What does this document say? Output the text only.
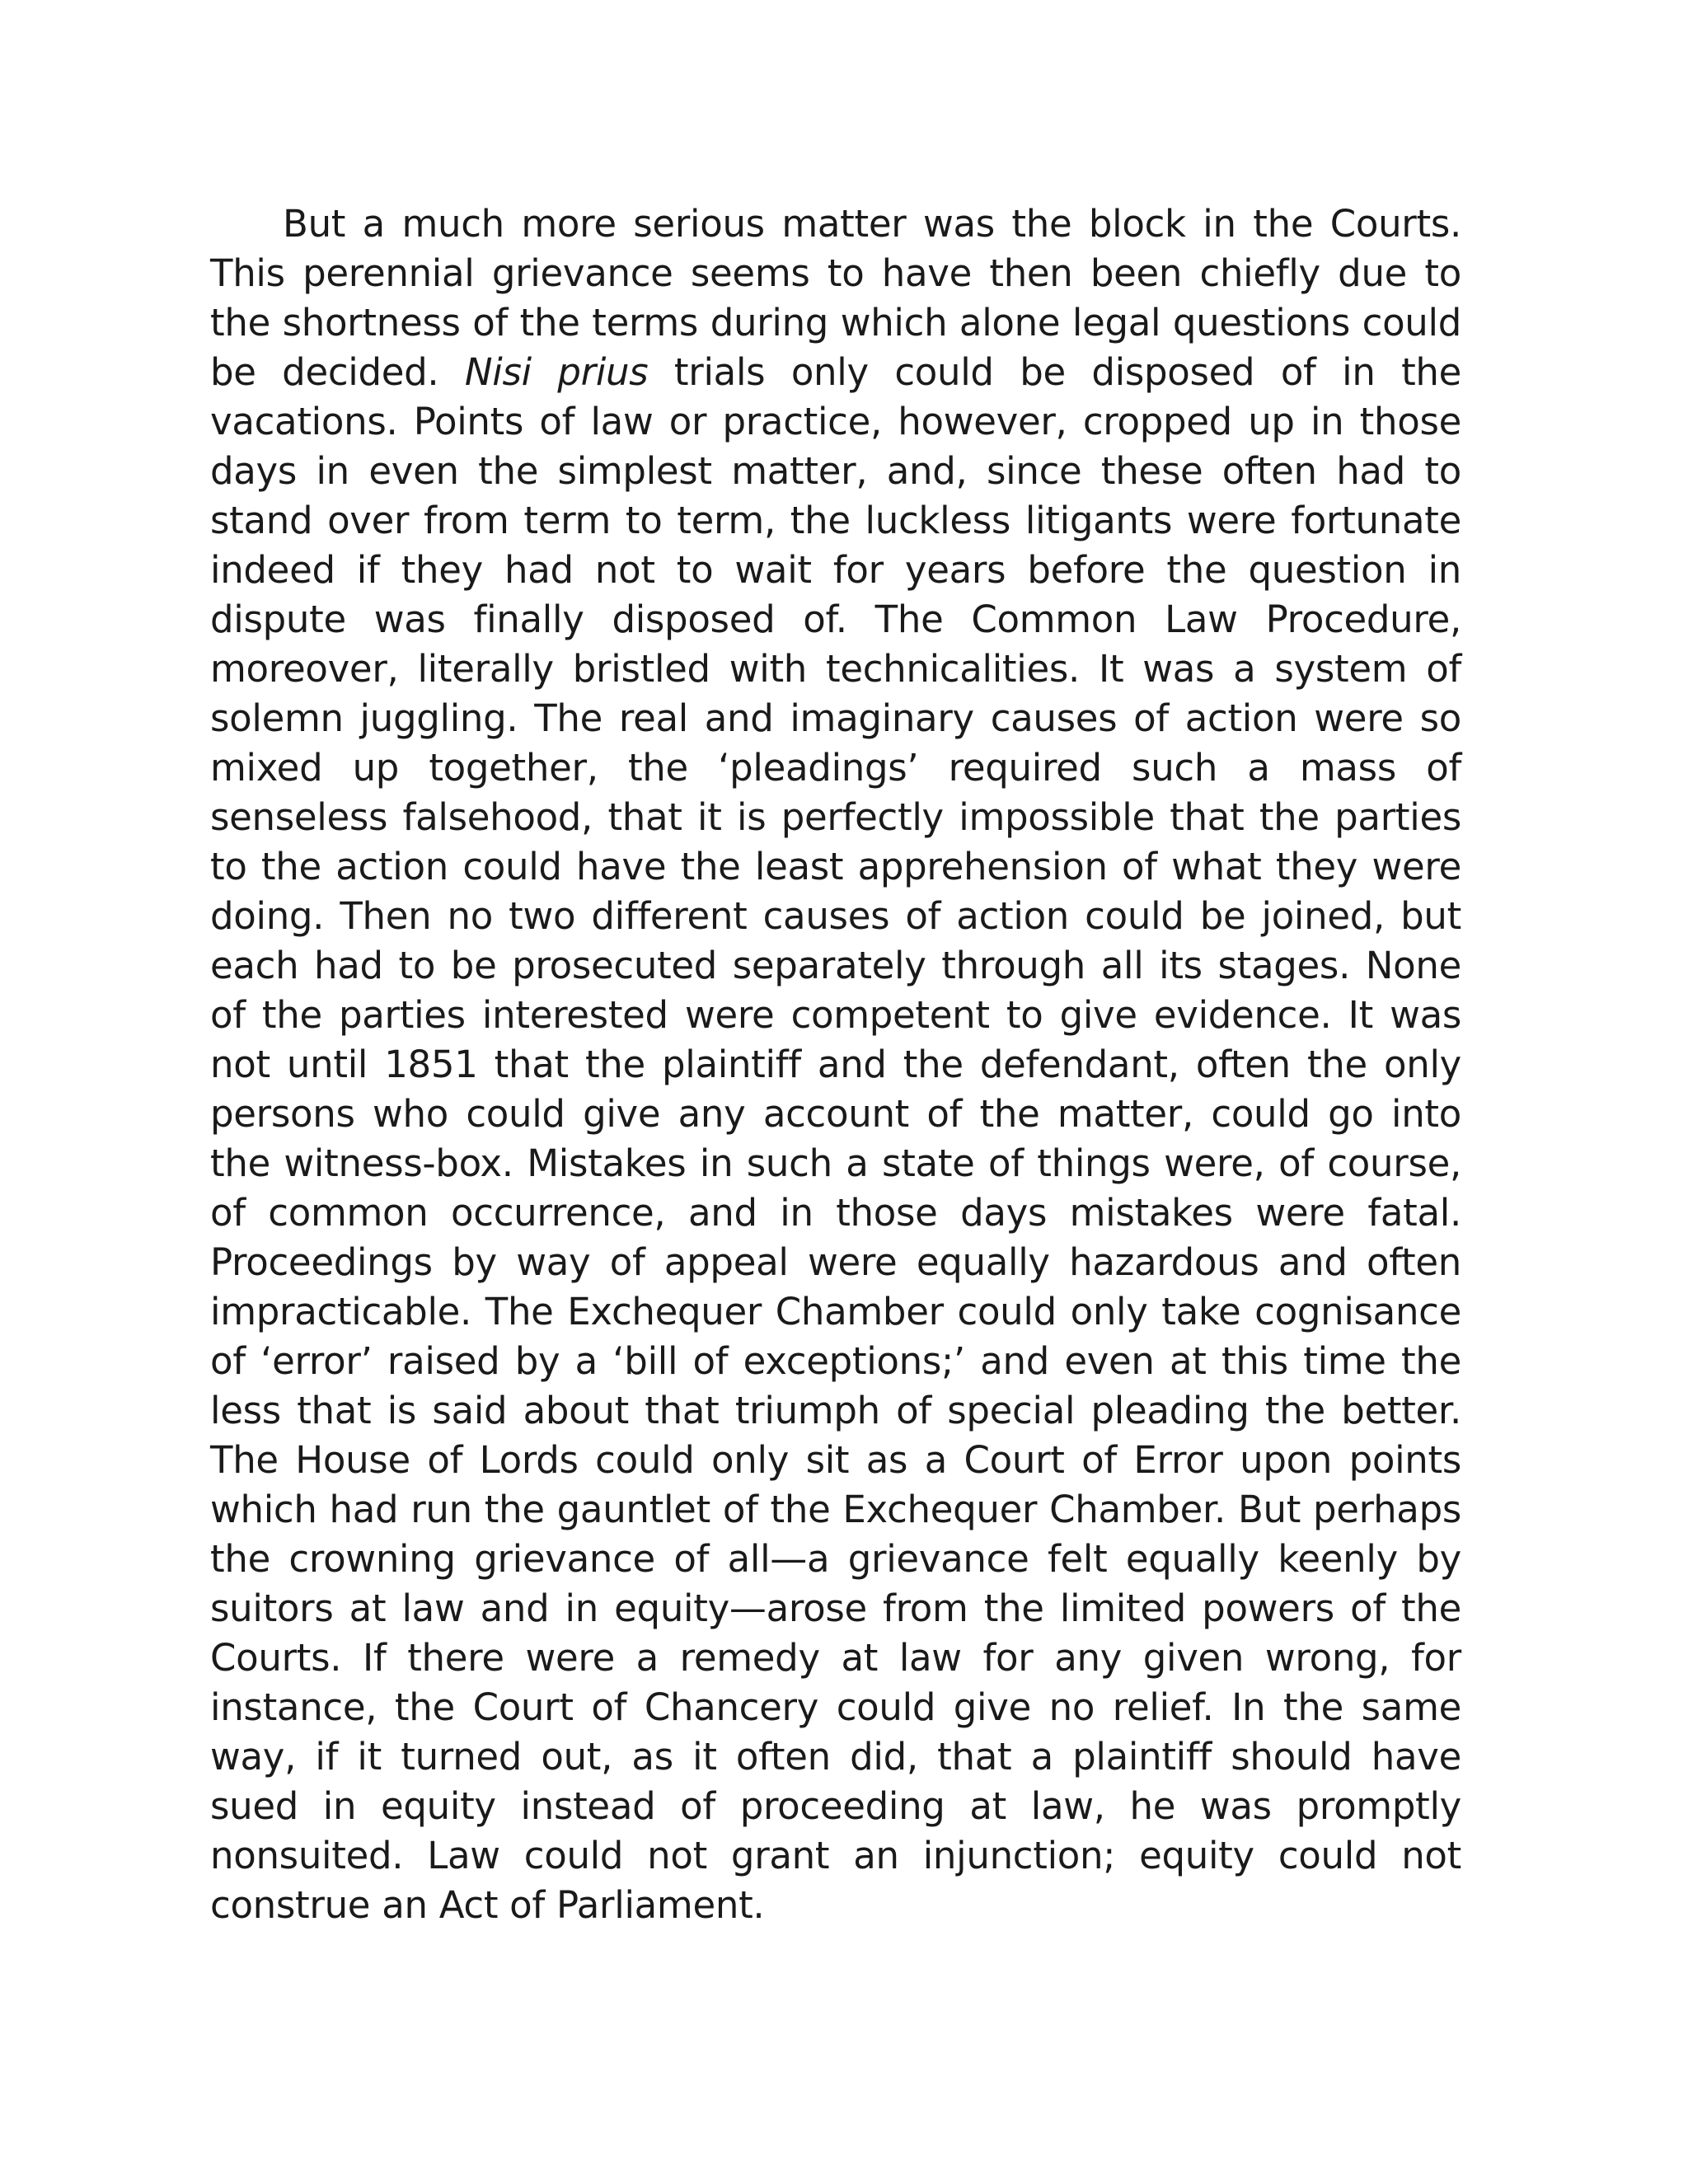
But a much more serious matter was the block in the Courts. This perennial grievance seems to have then been chiefly due to the shortness of the terms during which alone legal questions could be decided. Nisi prius trials only could be disposed of in the vacations. Points of law or practice, however, cropped up in those days in even the simplest matter, and, since these often had to stand over from term to term, the luckless litigants were fortunate indeed if they had not to wait for years before the question in dispute was finally disposed of. The Common Law Procedure, moreover, literally bristled with technicalities. It was a system of solemn juggling. The real and imaginary causes of action were so mixed up together, the ‘pleadings’ required such a mass of senseless falsehood, that it is perfectly impossible that the parties to the action could have the least apprehension of what they were doing. Then no two different causes of action could be joined, but each had to be prosecuted separately through all its stages. None of the parties interested were competent to give evidence. It was not until 1851 that the plaintiff and the defendant, often the only persons who could give any account of the matter, could go into the witness-box. Mistakes in such a state of things were, of course, of common occurrence, and in those days mistakes were fatal. Proceedings by way of appeal were equally hazardous and often impracticable. The Exchequer Chamber could only take cognisance of ‘error’ raised by a ‘bill of exceptions;’ and even at this time the less that is said about that triumph of special pleading the better. The House of Lords could only sit as a Court of Error upon points which had run the gauntlet of the Exchequer Chamber. But perhaps the crowning grievance of all—a grievance felt equally keenly by suitors at law and in equity—arose from the limited powers of the Courts. If there were a remedy at law for any given wrong, for instance, the Court of Chancery could give no relief. In the same way, if it turned out, as it often did, that a plaintiff should have sued in equity instead of proceeding at law, he was promptly nonsuited. Law could not grant an injunction; equity could not construe an Act of Parliament.
